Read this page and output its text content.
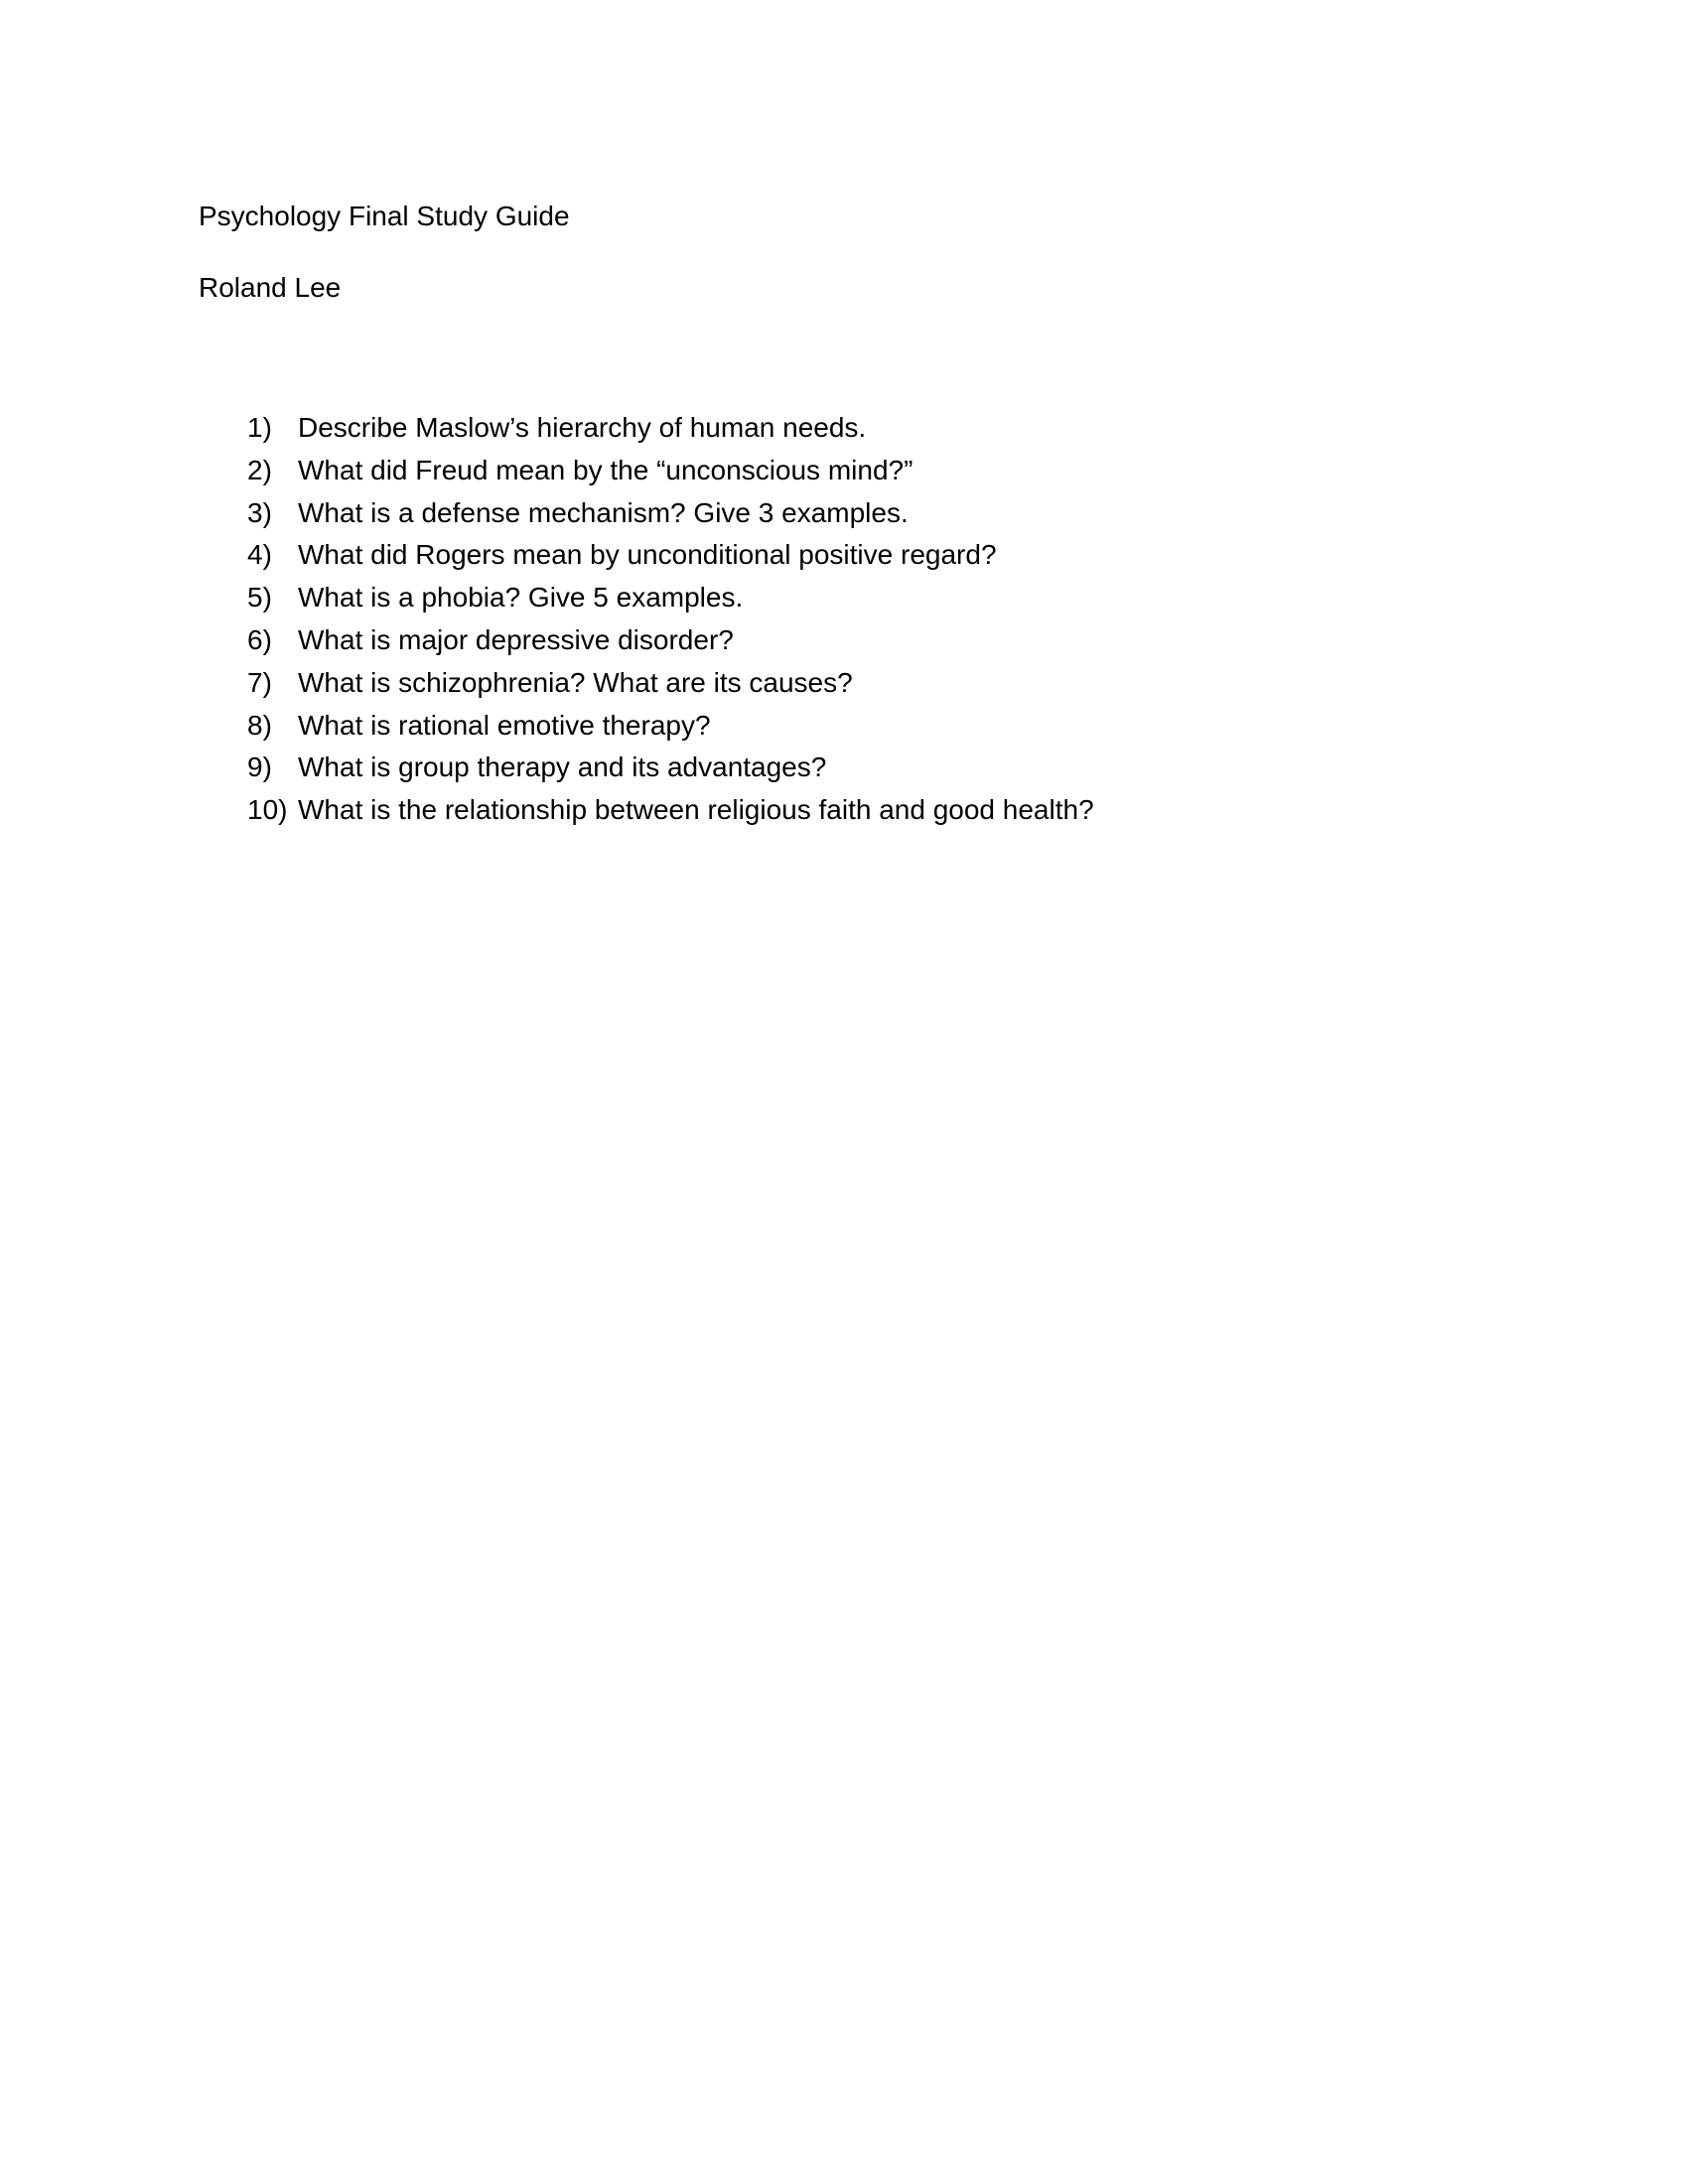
Psychology Final Study Guide
Roland Lee
1) Describe Maslow’s hierarchy of human needs.
2) What did Freud mean by the “unconscious mind?”
3) What is a defense mechanism? Give 3 examples.
4) What did Rogers mean by unconditional positive regard?
5) What is a phobia? Give 5 examples.
6) What is major depressive disorder?
7) What is schizophrenia? What are its causes?
8) What is rational emotive therapy?
9) What is group therapy and its advantages?
10) What is the relationship between religious faith and good health?
